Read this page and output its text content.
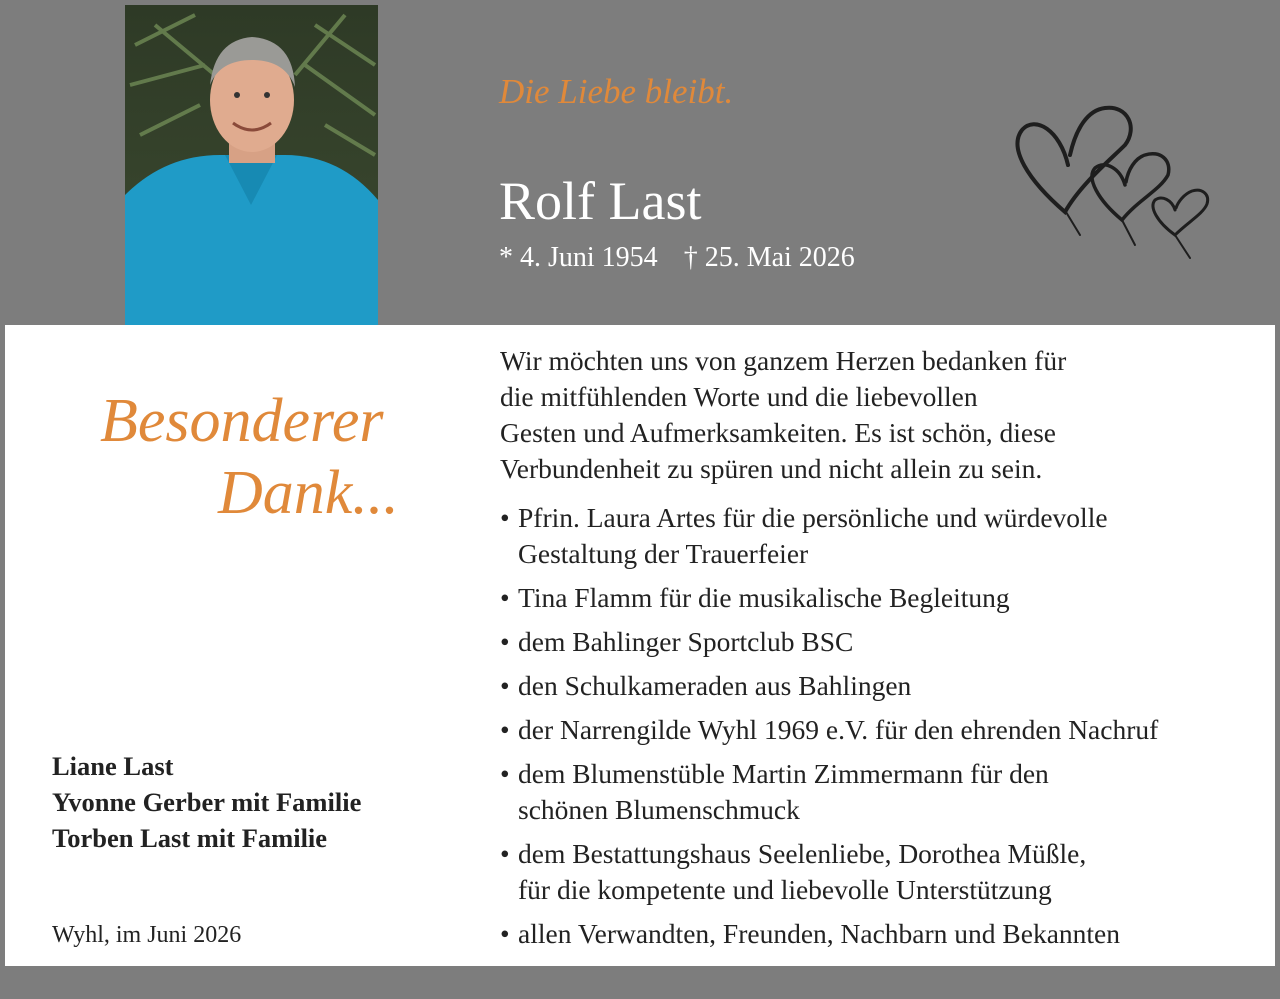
Die Liebe bleibt.
Rolf Last
* 4. Juni 1954 † 25. Mai 2026
Besonderer
Dank...
Wir möchten uns von ganzem Herzen bedanken für
die mitfühlenden Worte und die liebevollen
Gesten und Aufmerksamkeiten. Es ist schön, diese
Verbundenheit zu spüren und nicht allein zu sein.
• Pfrin. Laura Artes für die persönliche und würdevolle
Gestaltung der Trauerfeier
• Tina Flamm für die musikalische Begleitung
• dem Bahlinger Sportclub BSC
• den Schulkameraden aus Bahlingen
• der Narrengilde Wyhl 1969 e.V. für den ehrenden Nachruf
• dem Blumenstüble Martin Zimmermann für den
schönen Blumenschmuck
• dem Bestattungshaus Seelenliebe, Dorothea Müßle,
für die kompetente und liebevolle Unterstützung
• allen Verwandten, Freunden, Nachbarn und Bekannten
Liane Last
Yvonne Gerber mit Familie
Torben Last mit Familie
Wyhl, im Juni 2026
